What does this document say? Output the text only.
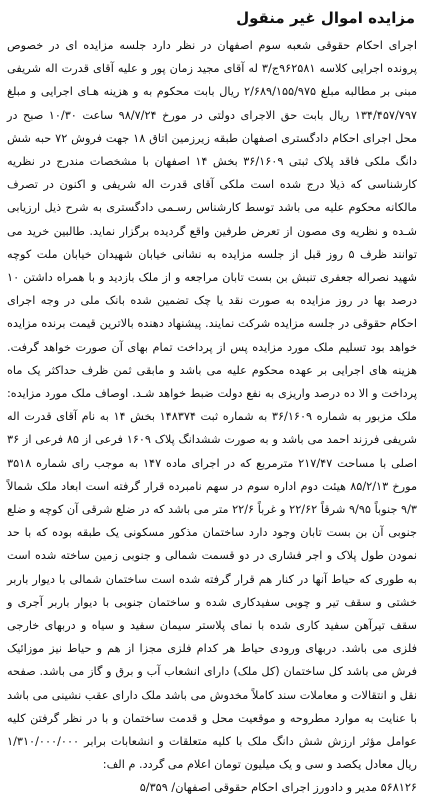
مزایده اموال غیر منقول

اجرای احکام حقوقی شعبه سوم اصفهان در نظر دارد جلسه مزایده ای در خصوص پرونده اجرایی کلاسه ۹۶۲۵۸۱ج/۳ له آقای مجید زمان پور و علیه آقای قدرت اله شریفی مبنی بر مطالبه مبلغ ۲/۶۸۹/۱۵۵/۹۷۵ ریال بابت محکوم به و هزینه هـای اجرایی و مبلغ ۱۳۴/۴۵۷/۷۹۷ ریال بابت حق الاجرای دولتی در مورخ ۹۸/۷/۲۴ ساعت ۱۰/۳۰ صبح در محل اجرای احکام دادگستری اصفهان طبقه زیرزمین اتاق ۱۸ جهت فروش ۷۲ حبه شش دانگ ملکی فاقد پلاک ثبتی ۳۶/۱۶۰۹ بخش ۱۴ اصفهان با مشخصات مندرج در نظریه کارشناسی که ذیلا درج شده است ملکی آقای قدرت اله شریفی و اکنون در تصرف مالکانه محکوم علیه می باشد توسط کارشناس رسـمی دادگستری به شرح ذیل ارزیابی شـده و نظریه وی مصون از تعرض طرفین واقع گردیده برگزار نماید. طالبین خرید می توانند ظرف ۵ روز قبل از جلسه مزایده به نشانی خیابان شهیدان خیابان ملت کوچه شهید نصراله جعفری تنبش بن بست تابان مراجعه و از ملک بازدید و با همراه داشتن ۱۰ درصد بها در روز مزایده به صورت نقد یا چک تضمین شده بانک ملی در وجه اجرای احکام حقوقی در جلسه مزایده شرکت نمایند. پیشنهاد دهنده بالاترین قیمت برنده مزایده خواهد بود تسلیم ملک مورد مزایده پس از پرداخت تمام بهای آن صورت خواهد گرفت. هزینه های اجرایی بر عهده محکوم علیه می باشد و مابقی ثمن ظرف حداکثر یک ماه پرداخت و الا ده درصد واریزی به نفع دولت ضبط خواهد شـد. اوصاف ملک مورد مزایده: ملک مزبور به شماره ۳۶/۱۶۰۹ به شماره ثبت ۱۴۸۳۷۴ بخش ۱۴ به نام آقای قدرت اله شریفی فرزند احمد می باشد و به صورت ششدانگ پلاک ۱۶۰۹ فرعی از ۸۵ فرعی از ۳۶ اصلی با مساحت ۲۱۷/۴۷ مترمربع که در اجرای ماده ۱۴۷ به موجب رای شماره ۳۵۱۸ مورخ ۸۵/۲/۱۳ هیئت دوم اداره سوم در سهم نامبرده قرار گرفته است ابعاد ملک شمالاً ۹/۳ جنوباً ۹/۹۵ شرقاً ۲۲/۶۲ و غرباً ۲۲/۶ متر می باشد که در ضلع شرقی آن کوچه و ضلع جنوبی آن بن بست تابان وجود دارد ساختمان مذکور مسکونی یک طبقه بوده که با حد نمودن طول پلاک و اجر فشاری در دو قسمت شمالی و جنوبی زمین ساخته شده است به طوری که حیاط آنها در کنار هم قرار گرفته شده است ساختمان شمالی با دیوار باربر خشتی و سقف تیر و چوبی سفیدکاری شده و ساختمان جنوبی با دیوار باربر آجری و سقف تیرآهن سفید کاری شده با نمای پلاستر سیمان سفید و سیاه و دربهای خارجی فلزی می باشد. دربهای ورودی حیاط هر کدام فلزی مجزا از هم و حیاط نیز موزائیک فرش می باشد کل ساختمان (کل ملک) دارای انشعاب آب و برق و گاز می باشد. صفحه نقل و انتقالات و معاملات سند کاملاً مخدوش می باشد ملک دارای عقب نشینی می باشد با عنایت به موارد مطروحه و موقعیت محل و قدمت ساختمان و با در نظر گرفتن کلیه عوامل مؤثر ارزش شش دانگ ملک با کلیه متعلقات و انشعابات برابر ۱/۳۱۰/۰۰۰/۰۰۰ ریال معادل یکصد و سی و یک میلیون تومان اعلام می گردد. م الف:

۵۶۸۱۲۶ مدیر و دادورز اجرای احکام حقوقی اصفهان/ ۵/۳۵۹
